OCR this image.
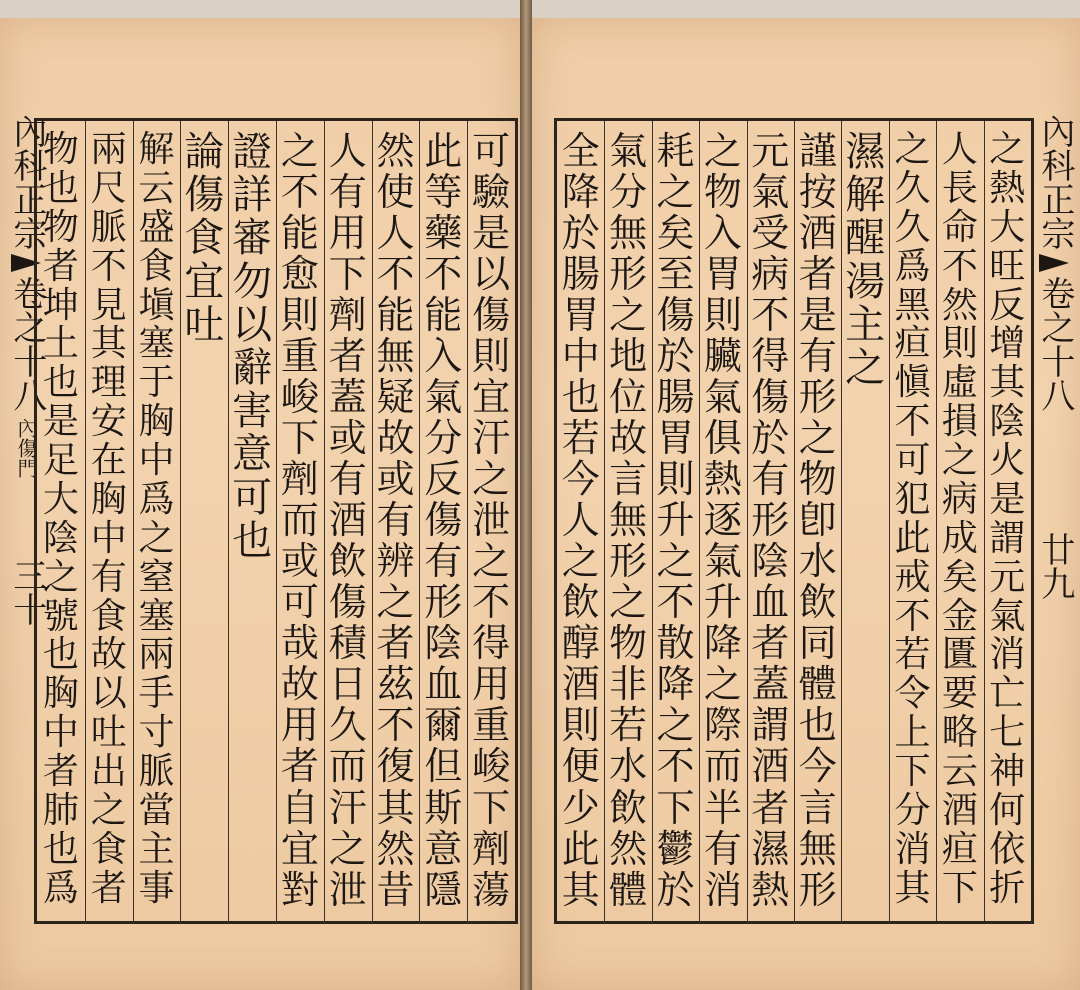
內科正宗
卷之十八
內傷門
三十
可
驗
是
以
傷
則
宜
汗
之
泄
之
不
得
用
重
峻
下
劑
蕩
此
等
藥
不
能
入
氣
分
反
傷
有
形
陰
血
爾
但
斯
意
隱
然
使
人
不
能
無
疑
故
或
有
辨
之
者
茲
不
復
其
然
昔
人
有
用
下
劑
者
蓋
或
有
酒
飲
傷
積
日
久
而
汗
之
泄
之
不
能
愈
則
重
峻
下
劑
而
或
可
哉
故
用
者
自
宜
對
證
詳
審
勿
以
辭
害
意
可
也
論
傷
食
宜
吐
解
云
盛
食
塡
塞
于
胸
中
爲
之
窒
塞
兩
手
寸
脈
當
主
事
兩
尺
脈
不
見
其
理
安
在
胸
中
有
食
故
以
吐
出
之
食
者
物
也
物
者
坤
土
也
是
足
大
陰
之
號
也
胸
中
者
肺
也
爲
之
熱
大
旺
反
增
其
陰
火
是
謂
元
氣
消
亡
七
神
何
依
折
人
長
命
不
然
則
虛
損
之
病
成
矣
金
匱
要
略
云
酒
疸
下
之
久
久
爲
黑
疸
愼
不
可
犯
此
戒
不
若
令
上
下
分
消
其
濕
解
醒
湯
主
之
謹
按
酒
者
是
有
形
之
物
卽
水
飲
同
體
也
今
言
無
形
元
氣
受
病
不
得
傷
於
有
形
陰
血
者
蓋
謂
酒
者
濕
熱
之
物
入
胃
則
臟
氣
俱
熱
逐
氣
升
降
之
際
而
半
有
消
耗
之
矣
至
傷
於
腸
胃
則
升
之
不
散
降
之
不
下
鬱
於
氣
分
無
形
之
地
位
故
言
無
形
之
物
非
若
水
飲
然
體
全
降
於
腸
胃
中
也
若
今
人
之
飲
醇
酒
則
便
少
此
其
內科正宗
卷之十八
廿九
